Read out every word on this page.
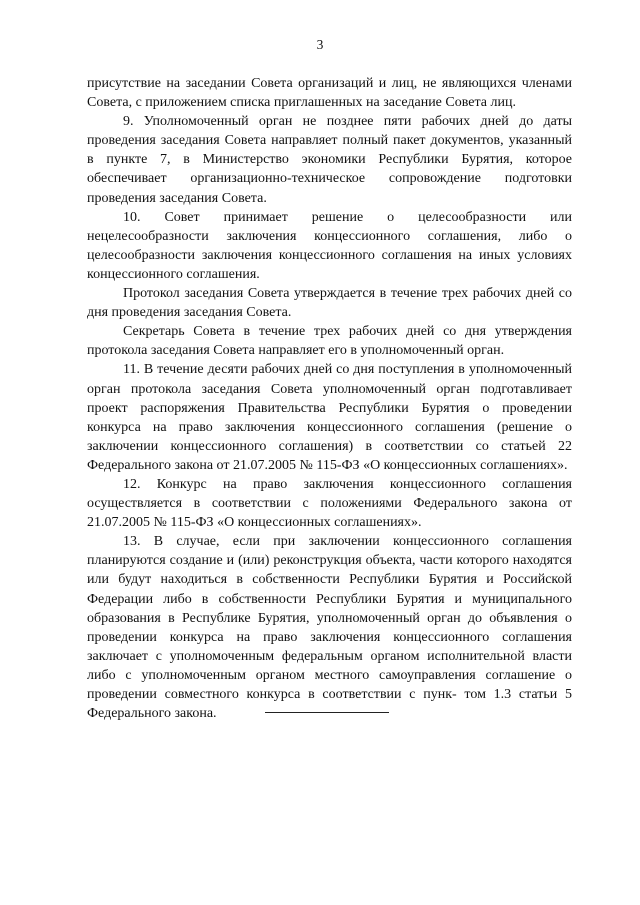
3

присутствие на заседании Совета организаций и лиц, не являющихся членами Совета, с приложением списка приглашенных на заседание Совета лиц.

9. Уполномоченный орган не позднее пяти рабочих дней до даты проведения заседания Совета направляет полный пакет документов, указанный в пункте 7, в Министерство экономики Республики Бурятия, которое обеспечивает организационно-техническое сопровождение подготовки проведения заседания Совета.

10. Совет принимает решение о целесообразности или нецелесообразности заключения концессионного соглашения, либо о целесообразности заключения концессионного соглашения на иных условиях концессионного соглашения.

Протокол заседания Совета утверждается в течение трех рабочих дней со дня проведения заседания Совета.

Секретарь Совета в течение трех рабочих дней со дня утверждения протокола заседания Совета направляет его в уполномоченный орган.

11. В течение десяти рабочих дней со дня поступления в уполномоченный орган протокола заседания Совета уполномоченный орган подготавливает проект распоряжения Правительства Республики Бурятия о проведении конкурса на право заключения концессионного соглашения (решение о заключении концессионного соглашения) в соответствии со статьей 22 Федерального закона от 21.07.2005 № 115-ФЗ «О концессионных соглашениях».

12. Конкурс на право заключения концессионного соглашения осуществляется в соответствии с положениями Федерального закона от 21.07.2005 № 115-ФЗ «О концессионных соглашениях».

13. В случае, если при заключении концессионного соглашения планируются создание и (или) реконструкция объекта, части которого находятся или будут находиться в собственности Республики Бурятия и Российской Федерации либо в собственности Республики Бурятия и муниципального образования в Республике Бурятия, уполномоченный орган до объявления о проведении конкурса на право заключения концессионного соглашения заключает с уполномоченным федеральным органом исполнительной власти либо с уполномоченным органом местного самоуправления соглашение о проведении совместного конкурса в соответствии с пунк- том 1.3 статьи 5 Федерального закона.
